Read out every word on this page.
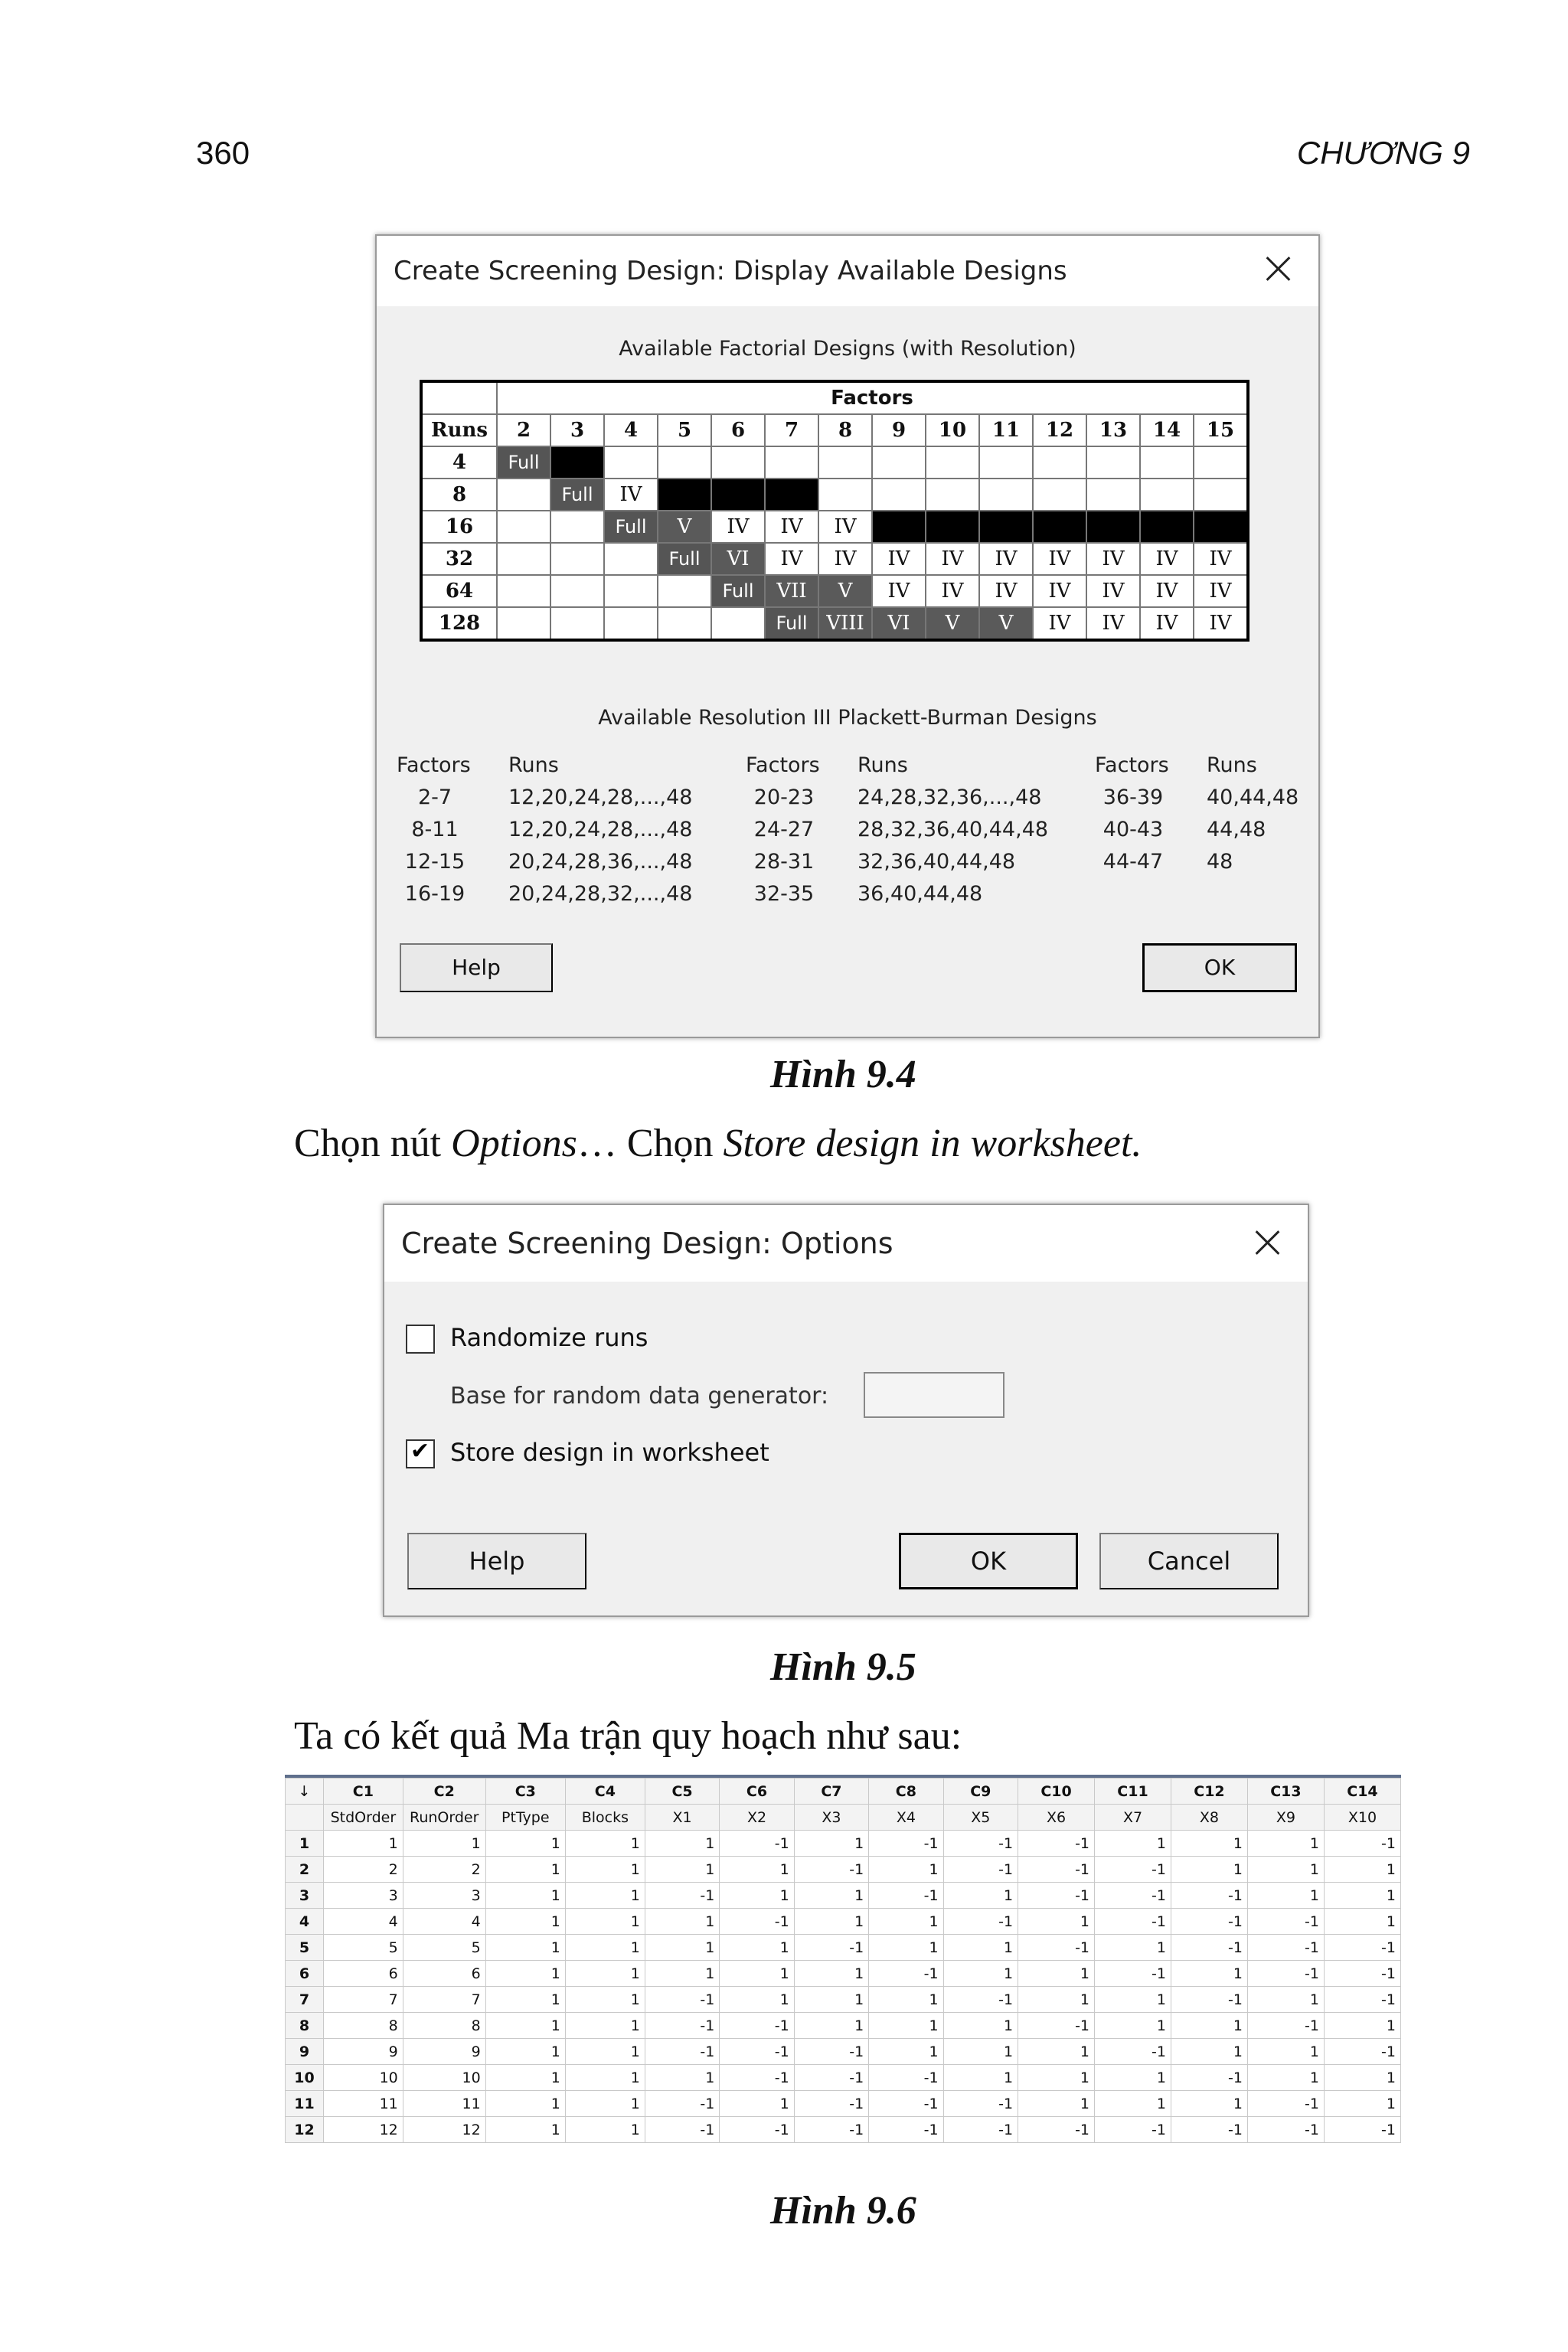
360	CHƯƠNG 9
Create Screening Design: Display Available Designs
Available Factorial Designs (with Resolution)
	Factors													
Runs	2	3	4	5	6	7	8	9	10	11	12	13	14	15
4	Full													
8		Full	IV											
16			Full	V	IV	IV	IV							
32				Full	VI	IV	IV	IV	IV	IV	IV	IV	IV	IV
64					Full	VII	V	IV	IV	IV	IV	IV	IV	IV
128						Full	VIII	VI	V	V	IV	IV	IV	IV
Available Resolution III Plackett-Burman Designs
Factors Runs
2-7	12,20,24,28,...,48
8-11 12,20,24,28,...,48
12-15 20,24,28,36,...,48
16-19 20,24,28,32,...,48
Factors Runs
20-23 24,28,32,36,...,48
24-27 28,32,36,40,44,48
28-31 32,36,40,44,48
32-35 36,40,44,48
Factors Runs
36-39 40,44,48
40-43 44,48
44-47 48
Help	OK
Hình 9.4
Chọn nút Options… Chọn Store design in worksheet.
Create Screening Design: Options
Randomize runs
Base for random data generator:
✔
Store design in worksheet
Help	OK	Cancel
Hình 9.5
Ta có kết quả Ma trận quy hoạch như sau:
↓	C1	C2	C3	C4	C5	C6	C7	C8	C9	C10	C11	C12	C13	C14
	StdOrder	RunOrder	PtType	Blocks	X1	X2	X3	X4	X5	X6	X7	X8	X9	X10
1	1	1	1	1	1	-1	1	-1	-1	-1	1	1	1	-1
2	2	2	1	1	1	1	-1	1	-1	-1	-1	1	1	1
3	3	3	1	1	-1	1	1	-1	1	-1	-1	-1	1	1
4	4	4	1	1	1	-1	1	1	-1	1	-1	-1	-1	1
5	5	5	1	1	1	1	-1	1	1	-1	1	-1	-1	-1
6	6	6	1	1	1	1	1	-1	1	1	-1	1	-1	-1
7	7	7	1	1	-1	1	1	1	-1	1	1	-1	1	-1
8	8	8	1	1	-1	-1	1	1	1	-1	1	1	-1	1
9	9	9	1	1	-1	-1	-1	1	1	1	-1	1	1	-1
10	10	10	1	1	1	-1	-1	-1	1	1	1	-1	1	1
11	11	11	1	1	-1	1	-1	-1	-1	1	1	1	-1	1
12	12	12	1	1	-1	-1	-1	-1	-1	-1	-1	-1	-1	-1
Hình 9.6
